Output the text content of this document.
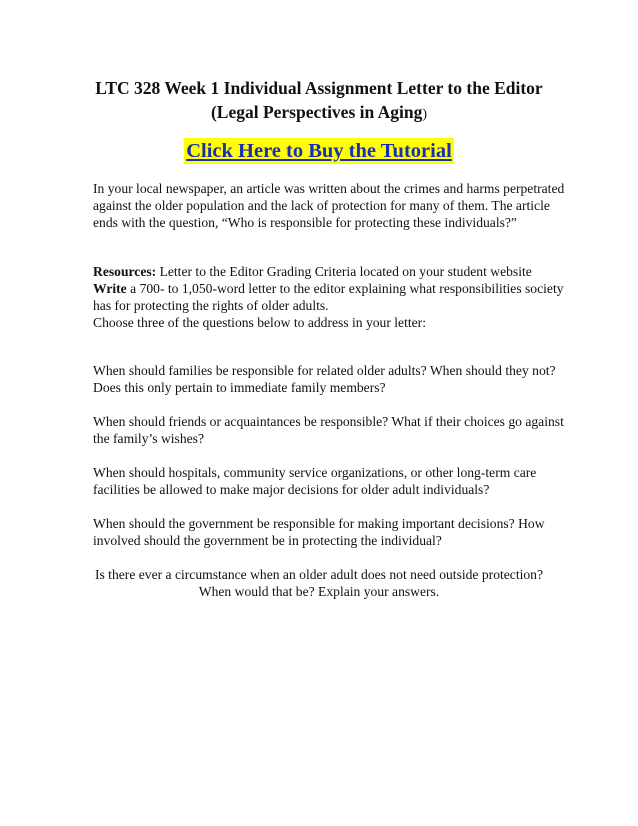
LTC 328 Week 1 Individual Assignment Letter to the Editor
(Legal Perspectives in Aging)
Click Here to Buy the Tutorial

In your local newspaper, an article was written about the crimes and harms perpetrated against the older population and the lack of protection for many of them. The article ends with the question, “Who is responsible for protecting these individuals?”

Resources: Letter to the Editor Grading Criteria located on your student website

Write a 700- to 1,050-word letter to the editor explaining what responsibilities society has for protecting the rights of older adults.

Choose three of the questions below to address in your letter:

When should families be responsible for related older adults? When should they not? Does this only pertain to immediate family members?

When should friends or acquaintances be responsible? What if their choices go against the family’s wishes?

When should hospitals, community service organizations, or other long-term care facilities be allowed to make major decisions for older adult individuals?

When should the government be responsible for making important decisions? How involved should the government be in protecting the individual?

Is there ever a circumstance when an older adult does not need outside protection?

When would that be? Explain your answers.
